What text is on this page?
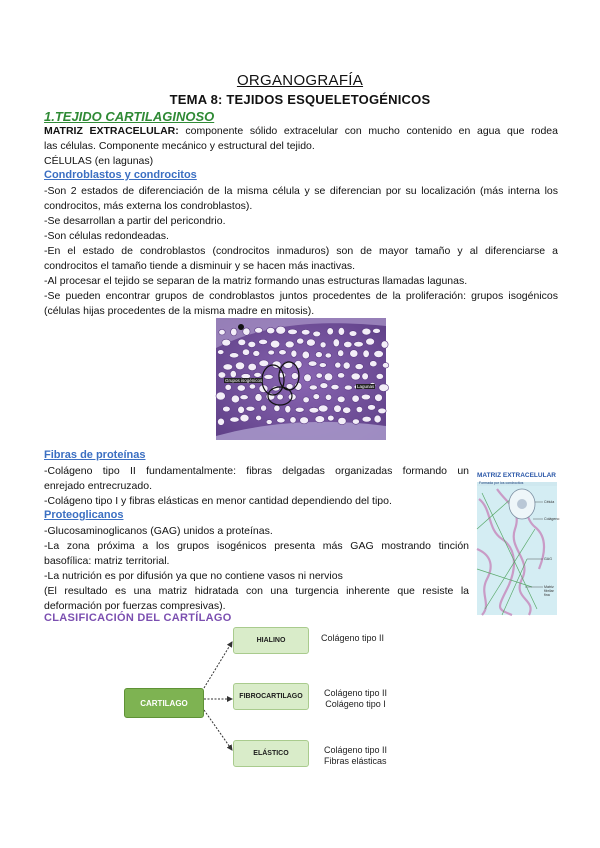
ORGANOGRAFÍA
TEMA 8: TEJIDOS ESQUELETOGÉNICOS
1.TEJIDO CARTILAGINOSO
MATRIZ EXTRACELULAR: componente sólido extracelular con mucho contenido en agua que rodea
las células. Componente mecánico y estructural del tejido.
CÉLULAS (en lagunas)
Condroblastos y condrocitos
-Son 2 estados de diferenciación de la misma célula y se diferencian por su localización (más interna los
condrocitos, más externa los condroblastos).
-Se desarrollan a partir del pericondrio.
-Son células redondeadas.
-En el estado de condroblastos (condrocitos inmaduros) son de mayor tamaño y al diferenciarse a
condrocitos el tamaño tiende a disminuir y se hacen más inactivas.
-Al procesar el tejido se separan de la matriz formando unas estructuras llamadas lagunas.
-Se pueden encontrar grupos de condroblastos juntos procedentes de la proliferación: grupos isogénicos
(células hijas procedentes de la misma madre en mitosis).
Grupos isogénicos
Lagunas
Fibras de proteínas
-Colágeno tipo II fundamentalmente: fibras delgadas organizadas formando un
enrejado entrecruzado.
-Colágeno tipo I y fibras elásticas en menor cantidad dependiendo del tipo.
Proteoglicanos
-Glucosaminoglicanos (GAG) unidos a proteínas.
-La zona próxima a los grupos isogénicos presenta más GAG mostrando tinción
basofílica: matriz territorial.
-La nutrición es por difusión ya que no contiene vasos ni nervios
(El resultado es una matriz hidratada con una turgencia inherente que resiste la
deformación por fuerzas compresivas).
MATRIZ EXTRACELULAR
Formada por los condrocitos
Célula
Colágeno
GAG
Matriz fibrilar fina
CLASIFICACIÓN DEL CARTÍLAGO
CARTILAGO
HIALINO
FIBROCARTILAGO
ELÁSTICO
Colágeno tipo II
Colágeno tipo II
Colágeno tipo I
Colágeno tipo II
Fibras elásticas
